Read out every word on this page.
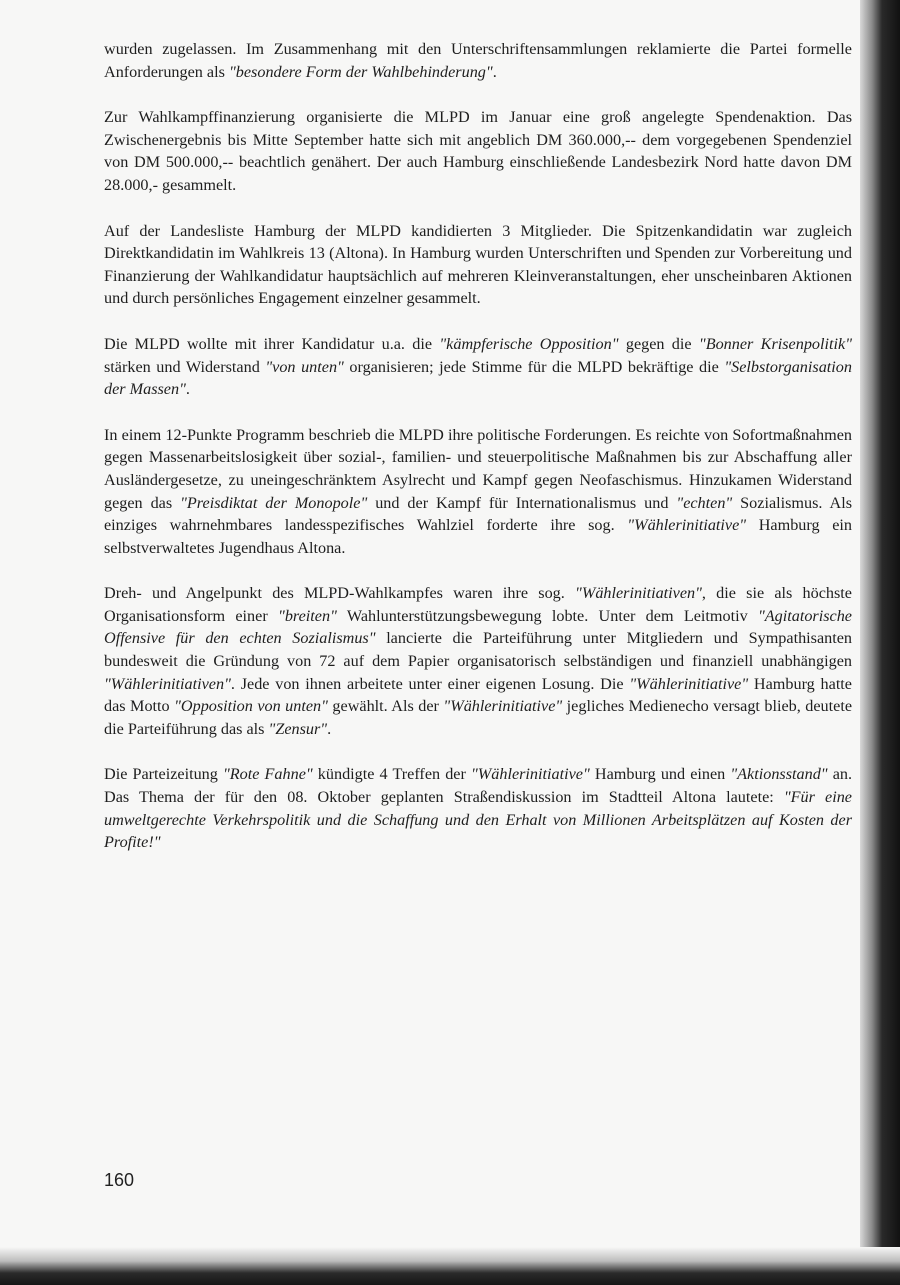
wurden zugelassen. Im Zusammenhang mit den Unterschriftensammlungen reklamierte die Partei formelle Anforderungen als "besondere Form der Wahlbehinderung".

Zur Wahlkampffinanzierung organisierte die MLPD im Januar eine groß angelegte Spendenaktion. Das Zwischenergebnis bis Mitte September hatte sich mit angeblich DM 360.000,-- dem vorgegebenen Spendenziel von DM 500.000,-- beachtlich genähert. Der auch Hamburg einschließende Landesbezirk Nord hatte davon DM 28.000,- gesammelt.

Auf der Landesliste Hamburg der MLPD kandidierten 3 Mitglieder. Die Spitzenkandidatin war zugleich Direktkandidatin im Wahlkreis 13 (Altona). In Hamburg wurden Unterschriften und Spenden zur Vorbereitung und Finanzierung der Wahlkandidatur hauptsächlich auf mehreren Kleinveranstaltungen, eher unscheinbaren Aktionen und durch persönliches Engagement einzelner gesammelt.

Die MLPD wollte mit ihrer Kandidatur u.a. die "kämpferische Opposition" gegen die "Bonner Krisenpolitik" stärken und Widerstand "von unten" organisieren; jede Stimme für die MLPD bekräftige die "Selbstorganisation der Massen".

In einem 12-Punkte Programm beschrieb die MLPD ihre politische Forderungen. Es reichte von Sofortmaßnahmen gegen Massenarbeitslosigkeit über sozial-, familien- und steuerpolitische Maßnahmen bis zur Abschaffung aller Ausländergesetze, zu uneingeschränktem Asylrecht und Kampf gegen Neofaschismus. Hinzukamen Widerstand gegen das "Preisdiktat der Monopole" und der Kampf für Internationalismus und "echten" Sozialismus. Als einziges wahrnehmbares landesspezifisches Wahlziel forderte ihre sog. "Wählerinitiative" Hamburg ein selbstverwaltetes Jugendhaus Altona.

Dreh- und Angelpunkt des MLPD-Wahlkampfes waren ihre sog. "Wählerinitiativen", die sie als höchste Organisationsform einer "breiten" Wahlunterstützungsbewegung lobte. Unter dem Leitmotiv "Agitatorische Offensive für den echten Sozialismus" lancierte die Parteiführung unter Mitgliedern und Sympathisanten bundesweit die Gründung von 72 auf dem Papier organisatorisch selbständigen und finanziell unabhängigen "Wählerinitiativen". Jede von ihnen arbeitete unter einer eigenen Losung. Die "Wählerinitiative" Hamburg hatte das Motto "Opposition von unten" gewählt. Als der "Wählerinitiative" jegliches Medienecho versagt blieb, deutete die Parteiführung das als "Zensur".

Die Parteizeitung "Rote Fahne" kündigte 4 Treffen der "Wählerinitiative" Hamburg und einen "Aktionsstand" an. Das Thema der für den 08. Oktober geplanten Straßendiskussion im Stadtteil Altona lautete: "Für eine umweltgerechte Verkehrspolitik und die Schaffung und den Erhalt von Millionen Arbeitsplätzen auf Kosten der Profite!"

160
